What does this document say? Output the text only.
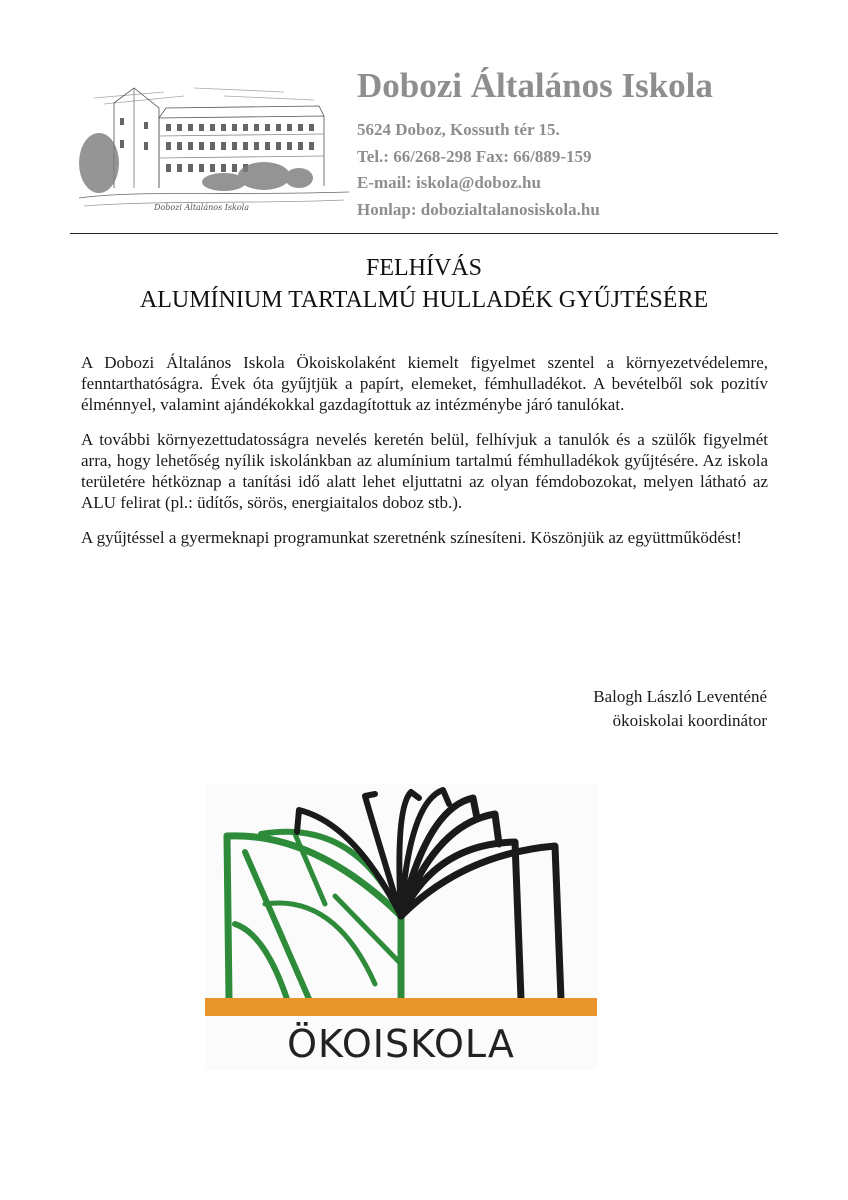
Dobozi Általános Iskola
Dobozi Általános Iskola
5624 Doboz, Kossuth tér 15.
Tel.: 66/268-298 Fax: 66/889-159
E-mail: iskola@doboz.hu
Honlap: dobozialtalanosiskola.hu
FELHÍVÁS
ALUMÍNIUM TARTALMÚ HULLADÉK GYŰJTÉSÉRE

A Dobozi Általános Iskola Ökoiskolaként kiemelt figyelmet szentel a környezetvédelemre, fenntarthatóságra. Évek óta gyűjtjük a papírt, elemeket, fémhulladékot. A bevételből sok pozitív élménnyel, valamint ajándékokkal gazdagítottuk az intézménybe járó tanulókat.

A további környezettudatosságra nevelés keretén belül, felhívjuk a tanulók és a szülők figyelmét arra, hogy lehetőség nyílik iskolánkban az alumínium tartalmú fémhulladékok gyűjtésére. Az iskola területére hétköznap a tanítási idő alatt lehet eljuttatni az olyan fémdobozokat, melyen látható az ALU felirat (pl.: üdítős, sörös, energiaitalos doboz stb.).

A gyűjtéssel a gyermeknapi programunkat szeretnénk színesíteni. Köszönjük az együttműködést!

Balogh László Leventéné
ökoiskolai koordinátor
ÖKOISKOLA
